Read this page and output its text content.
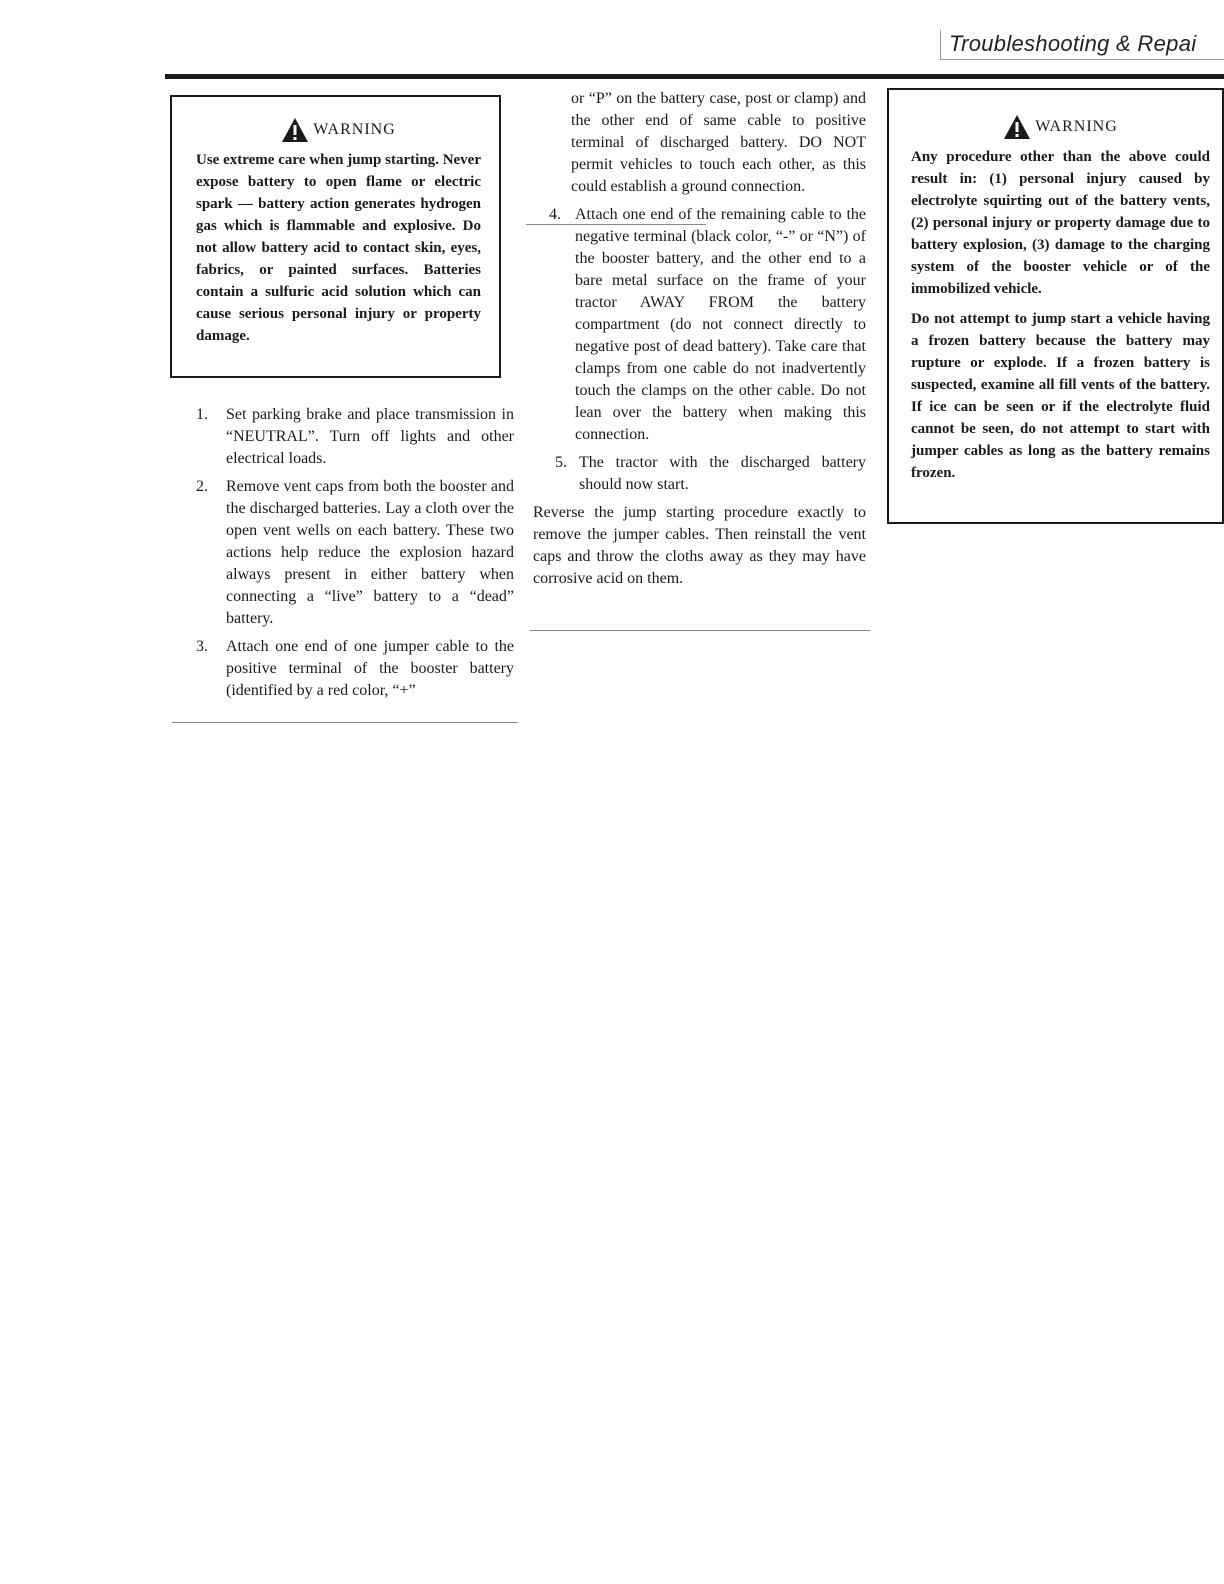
Troubleshooting & Repai
WARNING

Use extreme care when jump starting. Never expose battery to open flame or electric spark — battery action generates hydrogen gas which is flammable and explosive. Do not allow battery acid to contact skin, eyes, fabrics, or painted surfaces. Batteries contain a sulfuric acid solution which can cause serious personal injury or property damage.

1. Set parking brake and place transmission in “NEUTRAL”. Turn off lights and other electrical loads.
2. Remove vent caps from both the booster and the discharged batteries. Lay a cloth over the open vent wells on each battery. These two actions help reduce the explosion hazard always present in either battery when connecting a “live” battery to a “dead” battery.
3. Attach one end of one jumper cable to the positive terminal of the booster battery (identified by a red color, “+”

or “P” on the battery case, post or clamp) and the other end of same cable to positive terminal of discharged battery. DO NOT permit vehicles to touch each other, as this could establish a ground connection.

4. Attach one end of the remaining cable to the negative terminal (black color, “-” or “N”) of the booster battery, and the other end to a bare metal surface on the frame of your tractor AWAY FROM the battery compartment (do not connect directly to negative post of dead battery). Take care that clamps from one cable do not inadvertently touch the clamps on the other cable. Do not lean over the battery when making this connection.
5. The tractor with the discharged battery should now start.

Reverse the jump starting procedure exactly to remove the jumper cables. Then reinstall the vent caps and throw the cloths away as they may have corrosive acid on them.

WARNING

Any procedure other than the above could result in: (1) personal injury caused by electrolyte squirting out of the battery vents, (2) personal injury or property damage due to battery explosion, (3) damage to the charging system of the booster vehicle or of the immobilized vehicle.

Do not attempt to jump start a vehicle having a frozen battery because the battery may rupture or explode. If a frozen battery is suspected, examine all fill vents of the battery. If ice can be seen or if the electrolyte fluid cannot be seen, do not attempt to start with jumper cables as long as the battery remains frozen.
